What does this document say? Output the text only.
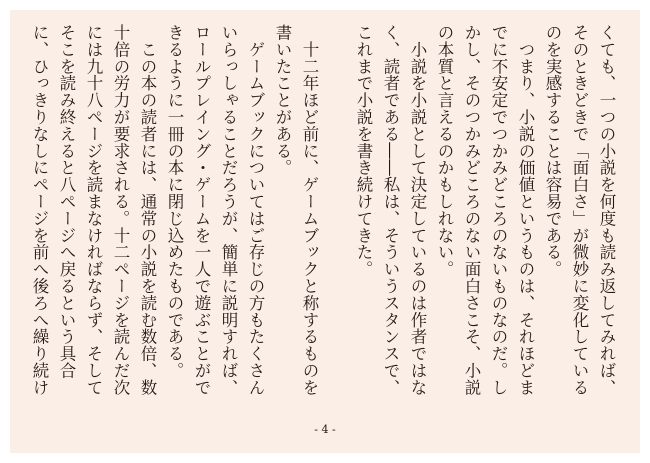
くても、一つの小説を何度も読み返してみれば、
そのときどきで「面白さ」が微妙に変化している
のを実感することは容易である。
　つまり、小説の価値というものは、それほどま
でに不安定でつかみどころのないものなのだ。し
かし、そのつかみどころのない面白さこそ、小説
の本質と言えるのかもしれない。
　小説を小説として決定しているのは作者ではな
く、読者である――私は、そういうスタンスで、
これまで小説を書き続けてきた。
　十二年ほど前に、ゲームブックと称するものを
書いたことがある。
　ゲームブックについてはご存じの方もたくさん
いらっしゃることだろうが、簡単に説明すれば、
ロールプレイング・ゲームを一人で遊ぶことがで
きるように一冊の本に閉じ込めたものである。
　この本の読者には、通常の小説を読む数倍、数
十倍の労力が要求される。十二ページを読んだ次
には九十八ページを読まなければならず、そして
そこを読み終えると八ページへ戻るという具合
に、ひっきりなしにページを前へ後ろへ繰り続け
- 4 -
